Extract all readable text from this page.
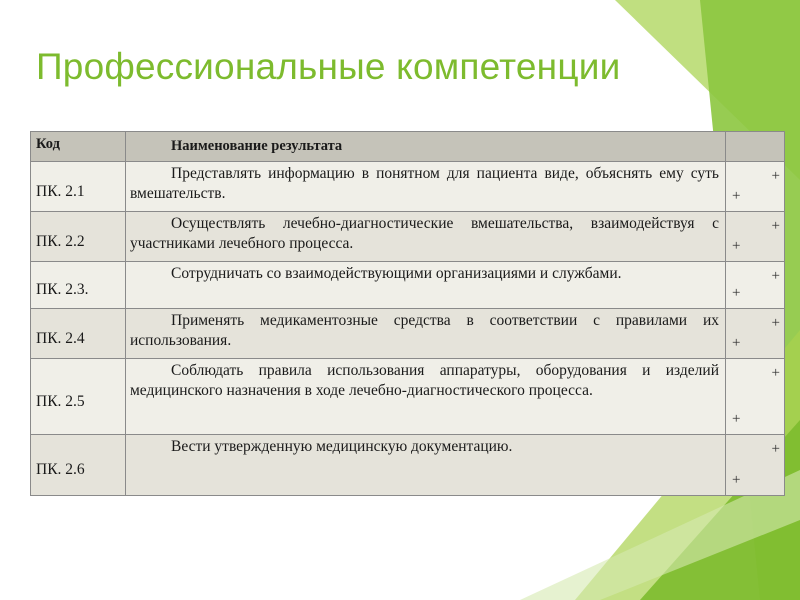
Профессиональные компетенции
Код	Наименование результата	
ПК. 2.1	Представлять информацию в понятном для пациента виде, объяснять ему суть вмешательств.	+
+

ПК. 2.2	Осуществлять лечебно-диагностические вмешательства, взаимодействуя с участниками лечебного процесса.	+
+

ПК. 2.3.	Сотрудничать со взаимодействующими организациями и службами.	+
+

ПК. 2.4	Применять медикаментозные средства в соответствии с правилами их использования.	+
+

ПК. 2.5	Соблюдать правила использования аппаратуры, оборудования и изделий медицинского назначения в ходе лечебно-диагностического процесса.	+
+

ПК. 2.6	Вести утвержденную медицинскую документацию.	+
+
